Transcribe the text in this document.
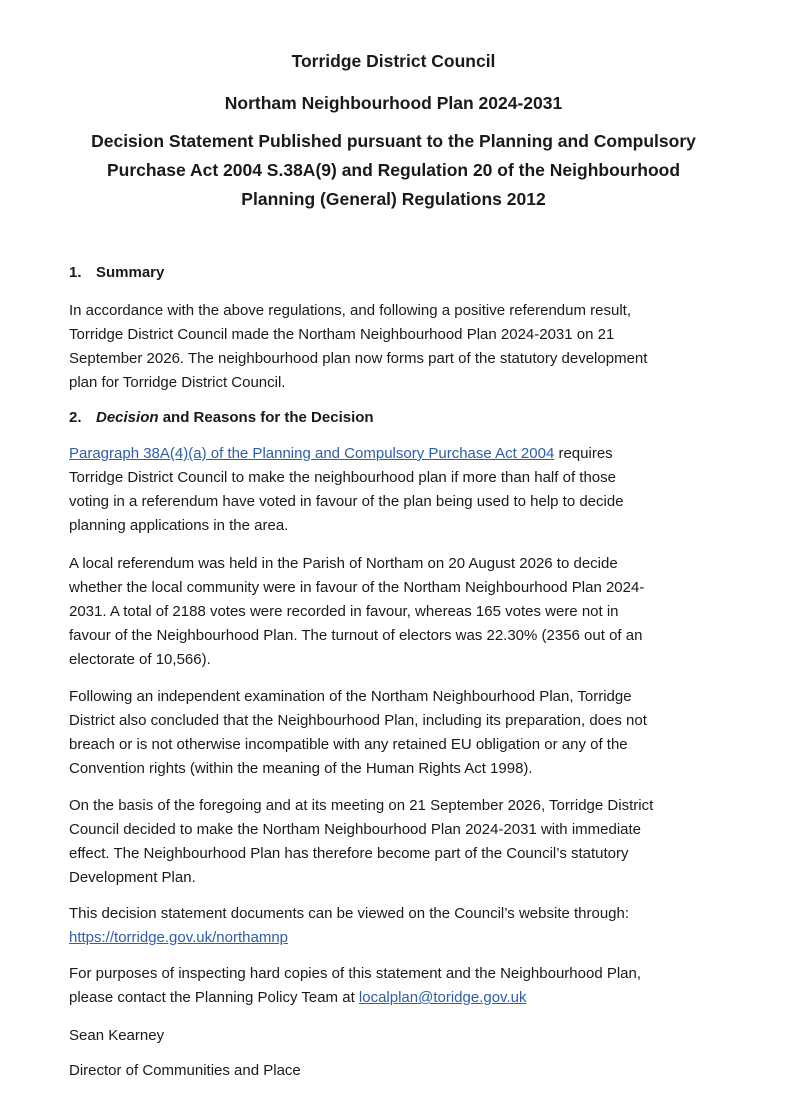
Torridge District Council
Northam Neighbourhood Plan 2024-2031
Decision Statement Published pursuant to the Planning and Compulsory
Purchase Act 2004 S.38A(9) and Regulation 20 of the Neighbourhood
Planning (General) Regulations 2012
1. Summary
In accordance with the above regulations, and following a positive referendum result,
Torridge District Council made the Northam Neighbourhood Plan 2024-2031 on 21
September 2026. The neighbourhood plan now forms part of the statutory development
plan for Torridge District Council.
2. Decision and Reasons for the Decision
Paragraph 38A(4)(a) of the Planning and Compulsory Purchase Act 2004 requires
Torridge District Council to make the neighbourhood plan if more than half of those
voting in a referendum have voted in favour of the plan being used to help to decide
planning applications in the area.
A local referendum was held in the Parish of Northam on 20 August 2026 to decide
whether the local community were in favour of the Northam Neighbourhood Plan 2024-
2031. A total of 2188 votes were recorded in favour, whereas 165 votes were not in
favour of the Neighbourhood Plan. The turnout of electors was 22.30% (2356 out of an
electorate of 10,566).
Following an independent examination of the Northam Neighbourhood Plan, Torridge
District also concluded that the Neighbourhood Plan, including its preparation, does not
breach or is not otherwise incompatible with any retained EU obligation or any of the
Convention rights (within the meaning of the Human Rights Act 1998).
On the basis of the foregoing and at its meeting on 21 September 2026, Torridge District
Council decided to make the Northam Neighbourhood Plan 2024-2031 with immediate
effect. The Neighbourhood Plan has therefore become part of the Council’s statutory
Development Plan.
This decision statement documents can be viewed on the Council’s website through:
https://torridge.gov.uk/northamnp
For purposes of inspecting hard copies of this statement and the Neighbourhood Plan,
please contact the Planning Policy Team at localplan@toridge.gov.uk
Sean Kearney
Director of Communities and Place
